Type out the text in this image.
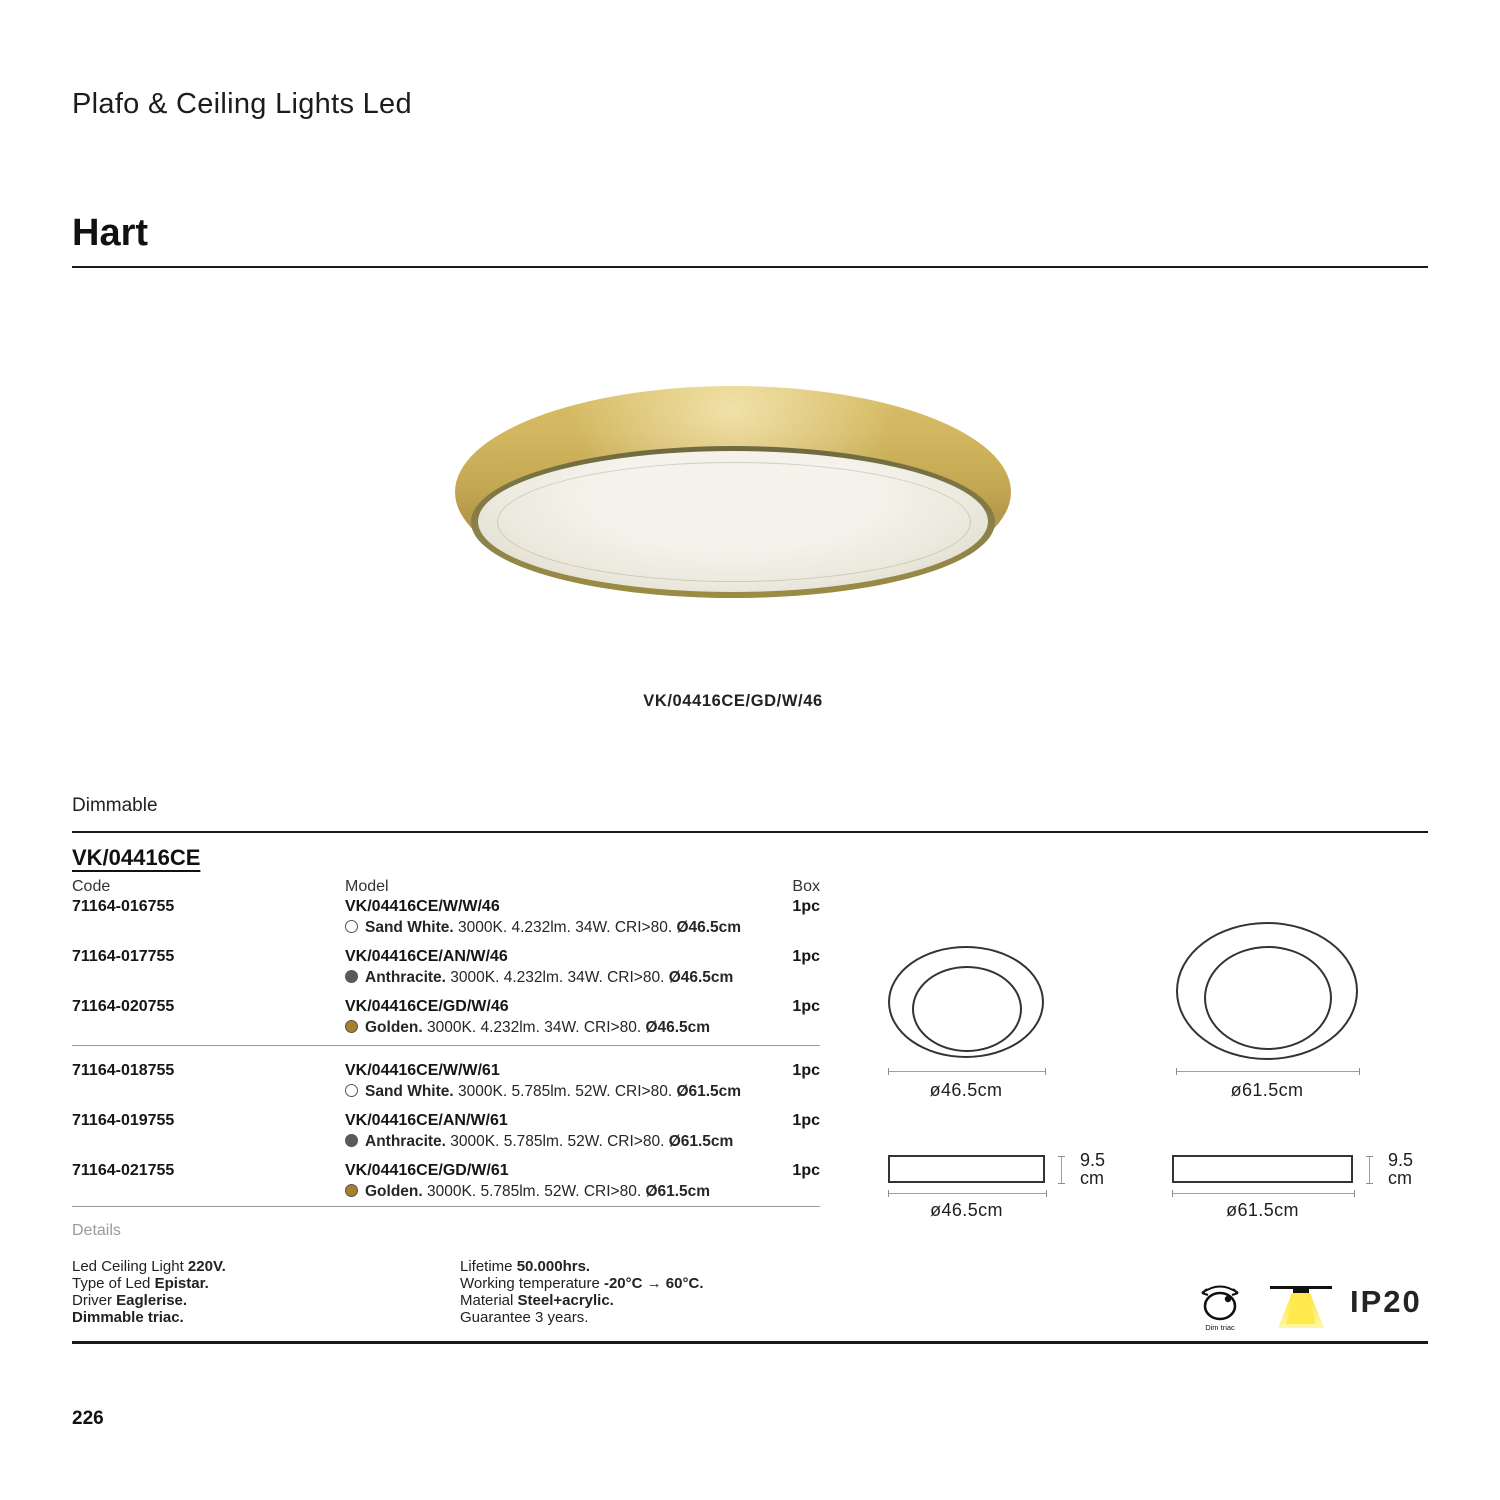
Plafo & Ceiling Lights Led
Hart
VK/04416CE/GD/W/46
Dimmable
VK/04416CE
Code	Model	Box
71164-016755	VK/04416CE/W/W/46	1pc
Sand White. 3000K. 4.232lm. 34W. CRI>80. Ø46.5cm
71164-017755	VK/04416CE/AN/W/46	1pc
Anthracite. 3000K. 4.232lm. 34W. CRI>80. Ø46.5cm
71164-020755	VK/04416CE/GD/W/46	1pc
Golden. 3000K. 4.232lm. 34W. CRI>80. Ø46.5cm
71164-018755	VK/04416CE/W/W/61	1pc
Sand White. 3000K. 5.785lm. 52W. CRI>80. Ø61.5cm
71164-019755	VK/04416CE/AN/W/61	1pc
Anthracite. 3000K. 5.785lm. 52W. CRI>80. Ø61.5cm
71164-021755	VK/04416CE/GD/W/61	1pc
Golden. 3000K. 5.785lm. 52W. CRI>80. Ø61.5cm
Details
Led Ceiling Light 220V.
Type of Led Epistar.
Driver Eaglerise.
Dimmable triac.
Lifetime 50.000hrs.
Working temperature -20°C → 60°C.
Material Steel+acrylic.
Guarantee 3 years.
ø46.5cm	ø61.5cm
9.5
cm
ø46.5cm
9.5
cm
ø61.5cm
Dim triac
IP20
226
